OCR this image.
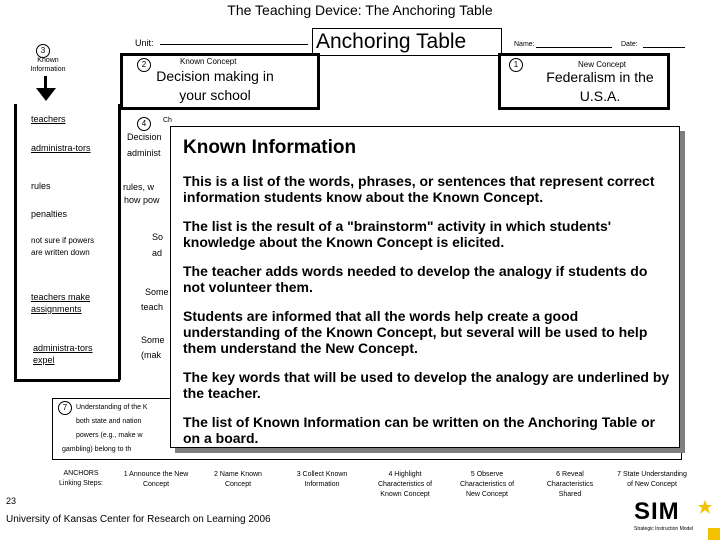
The Teaching Device: The Anchoring Table
Unit:	Anchoring Table	Name:	Date:
3
Known Information
teachers
administra-tors
rules
penalties
not sure if powers are written down
teachers make assignments
administra-tors expel
2	Known Concept
Decision making in your school
1	New Concept
Federalism in the U.S.A.
4	Ch
Decision
administ
rules, w
how pow
So
ad
Some
teach
Some
(mak
7	Understanding of the K
both state and nation
powers (e.g., make w
gambling) belong to th
ANCHORS Linking Steps:
1 Announce the New Concept
2 Name Known Concept
3 Collect Known Information
4 Highlight Characteristics of Known Concept
5 Observe Characteristics of New Concept
6 Reveal Characteristics Shared
7 State Understanding of New Concept
23
University of Kansas Center for Research on Learning 2006	SIM
Strategic Instruction Model
Known Information
This is a list of the words, phrases, or sentences that represent correct information students know about the Known Concept.
The list is the result of a "brainstorm" activity in which students' knowledge about the Known Concept is elicited.
The teacher adds words needed to develop the analogy if students do not volunteer them.
Students are informed that all the words help create a good understanding of the Known Concept, but several will be used to help them understand the New Concept.
The key words that will be used to develop the analogy are underlined by the teacher.
The list of Known Information can be written on the Anchoring Table or on a board.
